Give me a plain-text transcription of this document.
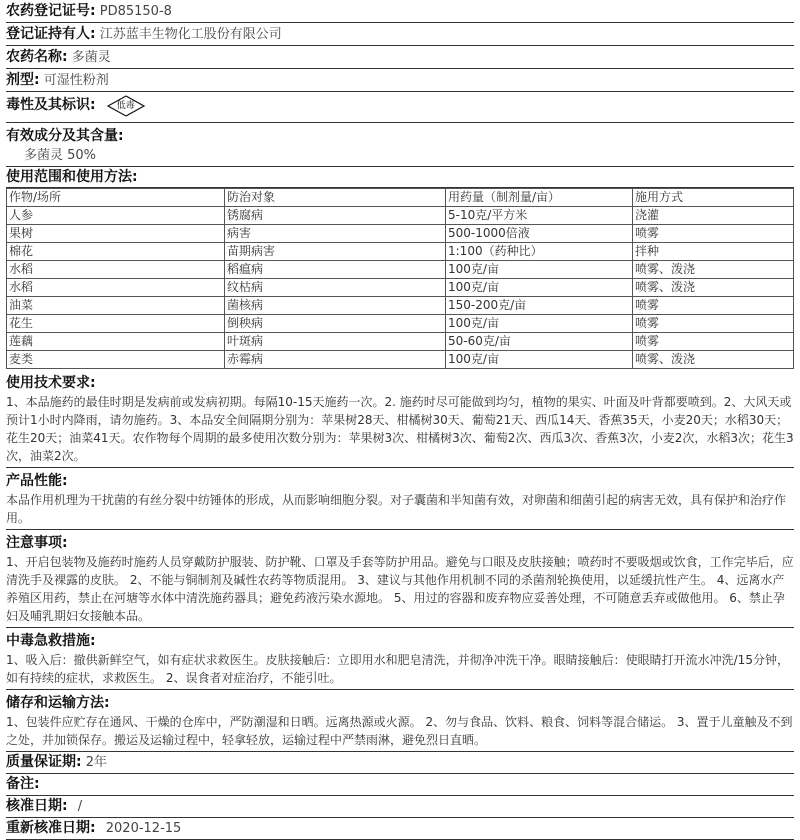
农药登记证号: PD85150-8
登记证持有人: 江苏蓝丰生物化工股份有限公司
农药名称: 多菌灵
剂型: 可湿性粉剂
毒性及其标识:	低毒
有效成分及其含量:
多菌灵 50%
使用范围和使用方法:
作物/场所	防治对象	用药量（制剂量/亩）	施用方式
人参	锈腐病	5-10克/平方米	浇灌
果树	病害	500-1000倍液	喷雾
棉花	苗期病害	1:100（药种比）	拌种
水稻	稻瘟病	100克/亩	喷雾、泼浇
水稻	纹枯病	100克/亩	喷雾、泼浇
油菜	菌核病	150-200克/亩	喷雾
花生	倒秧病	100克/亩	喷雾
莲藕	叶斑病	50-60克/亩	喷雾
麦类	赤霉病	100克/亩	喷雾、泼浇
使用技术要求:
1、本品施药的最佳时期是发病前或发病初期。每隔10-15天施药一次。2. 施药时尽可能做到均匀，植物的果实、叶面及叶背都要喷到。2、大风天或预计1小时内降雨，请勿施药。3、本品安全间隔期分别为：苹果树28天、柑橘树30天、葡萄21天、西瓜14天、香蕉35天，小麦20天；水稻30天；花生20天；油菜41天。农作物每个周期的最多使用次数分别为：苹果树3次、柑橘树3次、葡萄2次、西瓜3次、香蕉3次，小麦2次，水稻3次；花生3次，油菜2次。
产品性能:
本品作用机理为干扰菌的有丝分裂中纺锤体的形成，从而影响细胞分裂。对子囊菌和半知菌有效，对卵菌和细菌引起的病害无效，具有保护和治疗作用。
注意事项:
1、开启包装物及施药时施药人员穿戴防护服装、防护靴、口罩及手套等防护用品。避免与口眼及皮肤接触；喷药时不要吸烟或饮食，工作完毕后，应清洗手及裸露的皮肤。 2、不能与铜制剂及碱性农药等物质混用。 3、建议与其他作用机制不同的杀菌剂轮换使用，以延缓抗性产生。 4、远离水产养殖区用药，禁止在河塘等水体中清洗施药器具；避免药液污染水源地。 5、用过的容器和废弃物应妥善处理，不可随意丢弃或做他用。 6、禁止孕妇及哺乳期妇女接触本品。
中毒急救措施:
1、吸入后：撤供新鲜空气，如有症状求救医生。皮肤接触后：立即用水和肥皂清洗，并彻净冲洗干净。眼睛接触后：使眼睛打开流水冲洗/15分钟，如有持续的症状，求救医生。 2、误食者对症治疗，不能引吐。
储存和运输方法:
1、包装件应贮存在通风、干燥的仓库中，严防潮湿和日晒。远离热源或火源。 2、勿与食品、饮料、粮食、饲料等混合储运。 3、置于儿童触及不到之处，并加锁保存。搬运及运输过程中，轻拿轻放，运输过程中严禁雨淋，避免烈日直晒。
质量保证期: 2年
备注:
核准日期: /
重新核准日期: 2020-12-15
